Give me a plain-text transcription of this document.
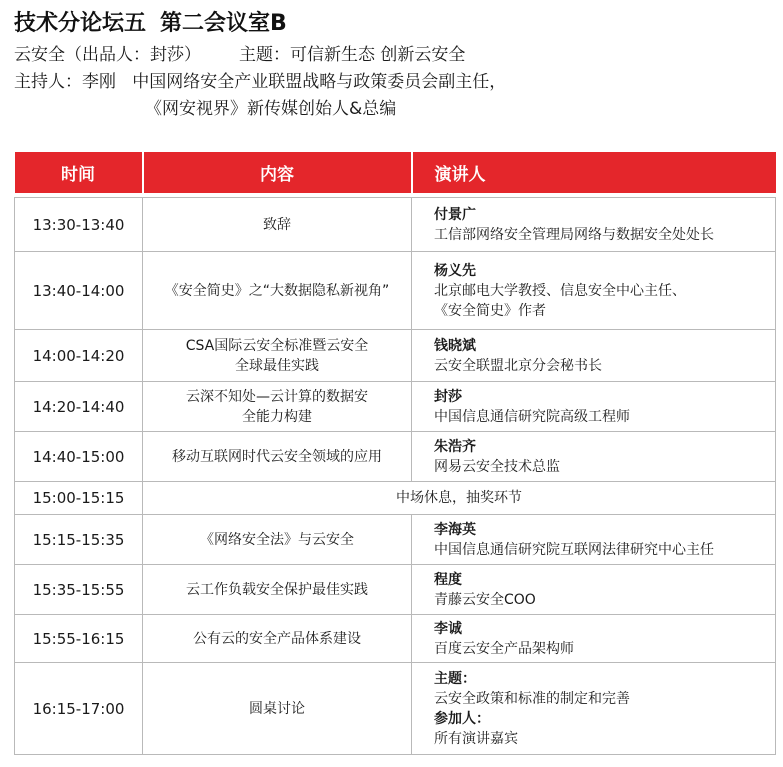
技术分论坛五 第二会议室B
云安全（出品人：封莎） 主题：可信新生态 创新云安全
主持人：李刚 中国网络安全产业联盟战略与政策委员会副主任，
《网安视界》新传媒创始人&总编
时间	内容	演讲人

13:30-13:40	致辞	付景广
工信部网络安全管理局网络与数据安全处处长

13:40-14:00	《安全简史》之“大数据隐私新视角”	杨义先
北京邮电大学教授、信息安全中心主任、
《安全简史》作者

14:00-14:20	CSA国际云安全标准暨云安全
全球最佳实践	钱晓斌
云安全联盟北京分会秘书长

14:20-14:40	云深不知处—云计算的数据安
全能力构建	封莎
中国信息通信研究院高级工程师

14:40-15:00	移动互联网时代云安全领域的应用	朱浩齐
网易云安全技术总监

15:00-15:15	中场休息，抽奖环节	
15:15-15:35	《网络安全法》与云安全	李海英
中国信息通信研究院互联网法律研究中心主任

15:35-15:55	云工作负载安全保护最佳实践	程度
青藤云安全COO

15:55-16:15	公有云的安全产品体系建设	李诚
百度云安全产品架构师

16:15-17:00	圆桌讨论	主题：
云安全政策和标准的制定和完善
参加人：
所有演讲嘉宾
